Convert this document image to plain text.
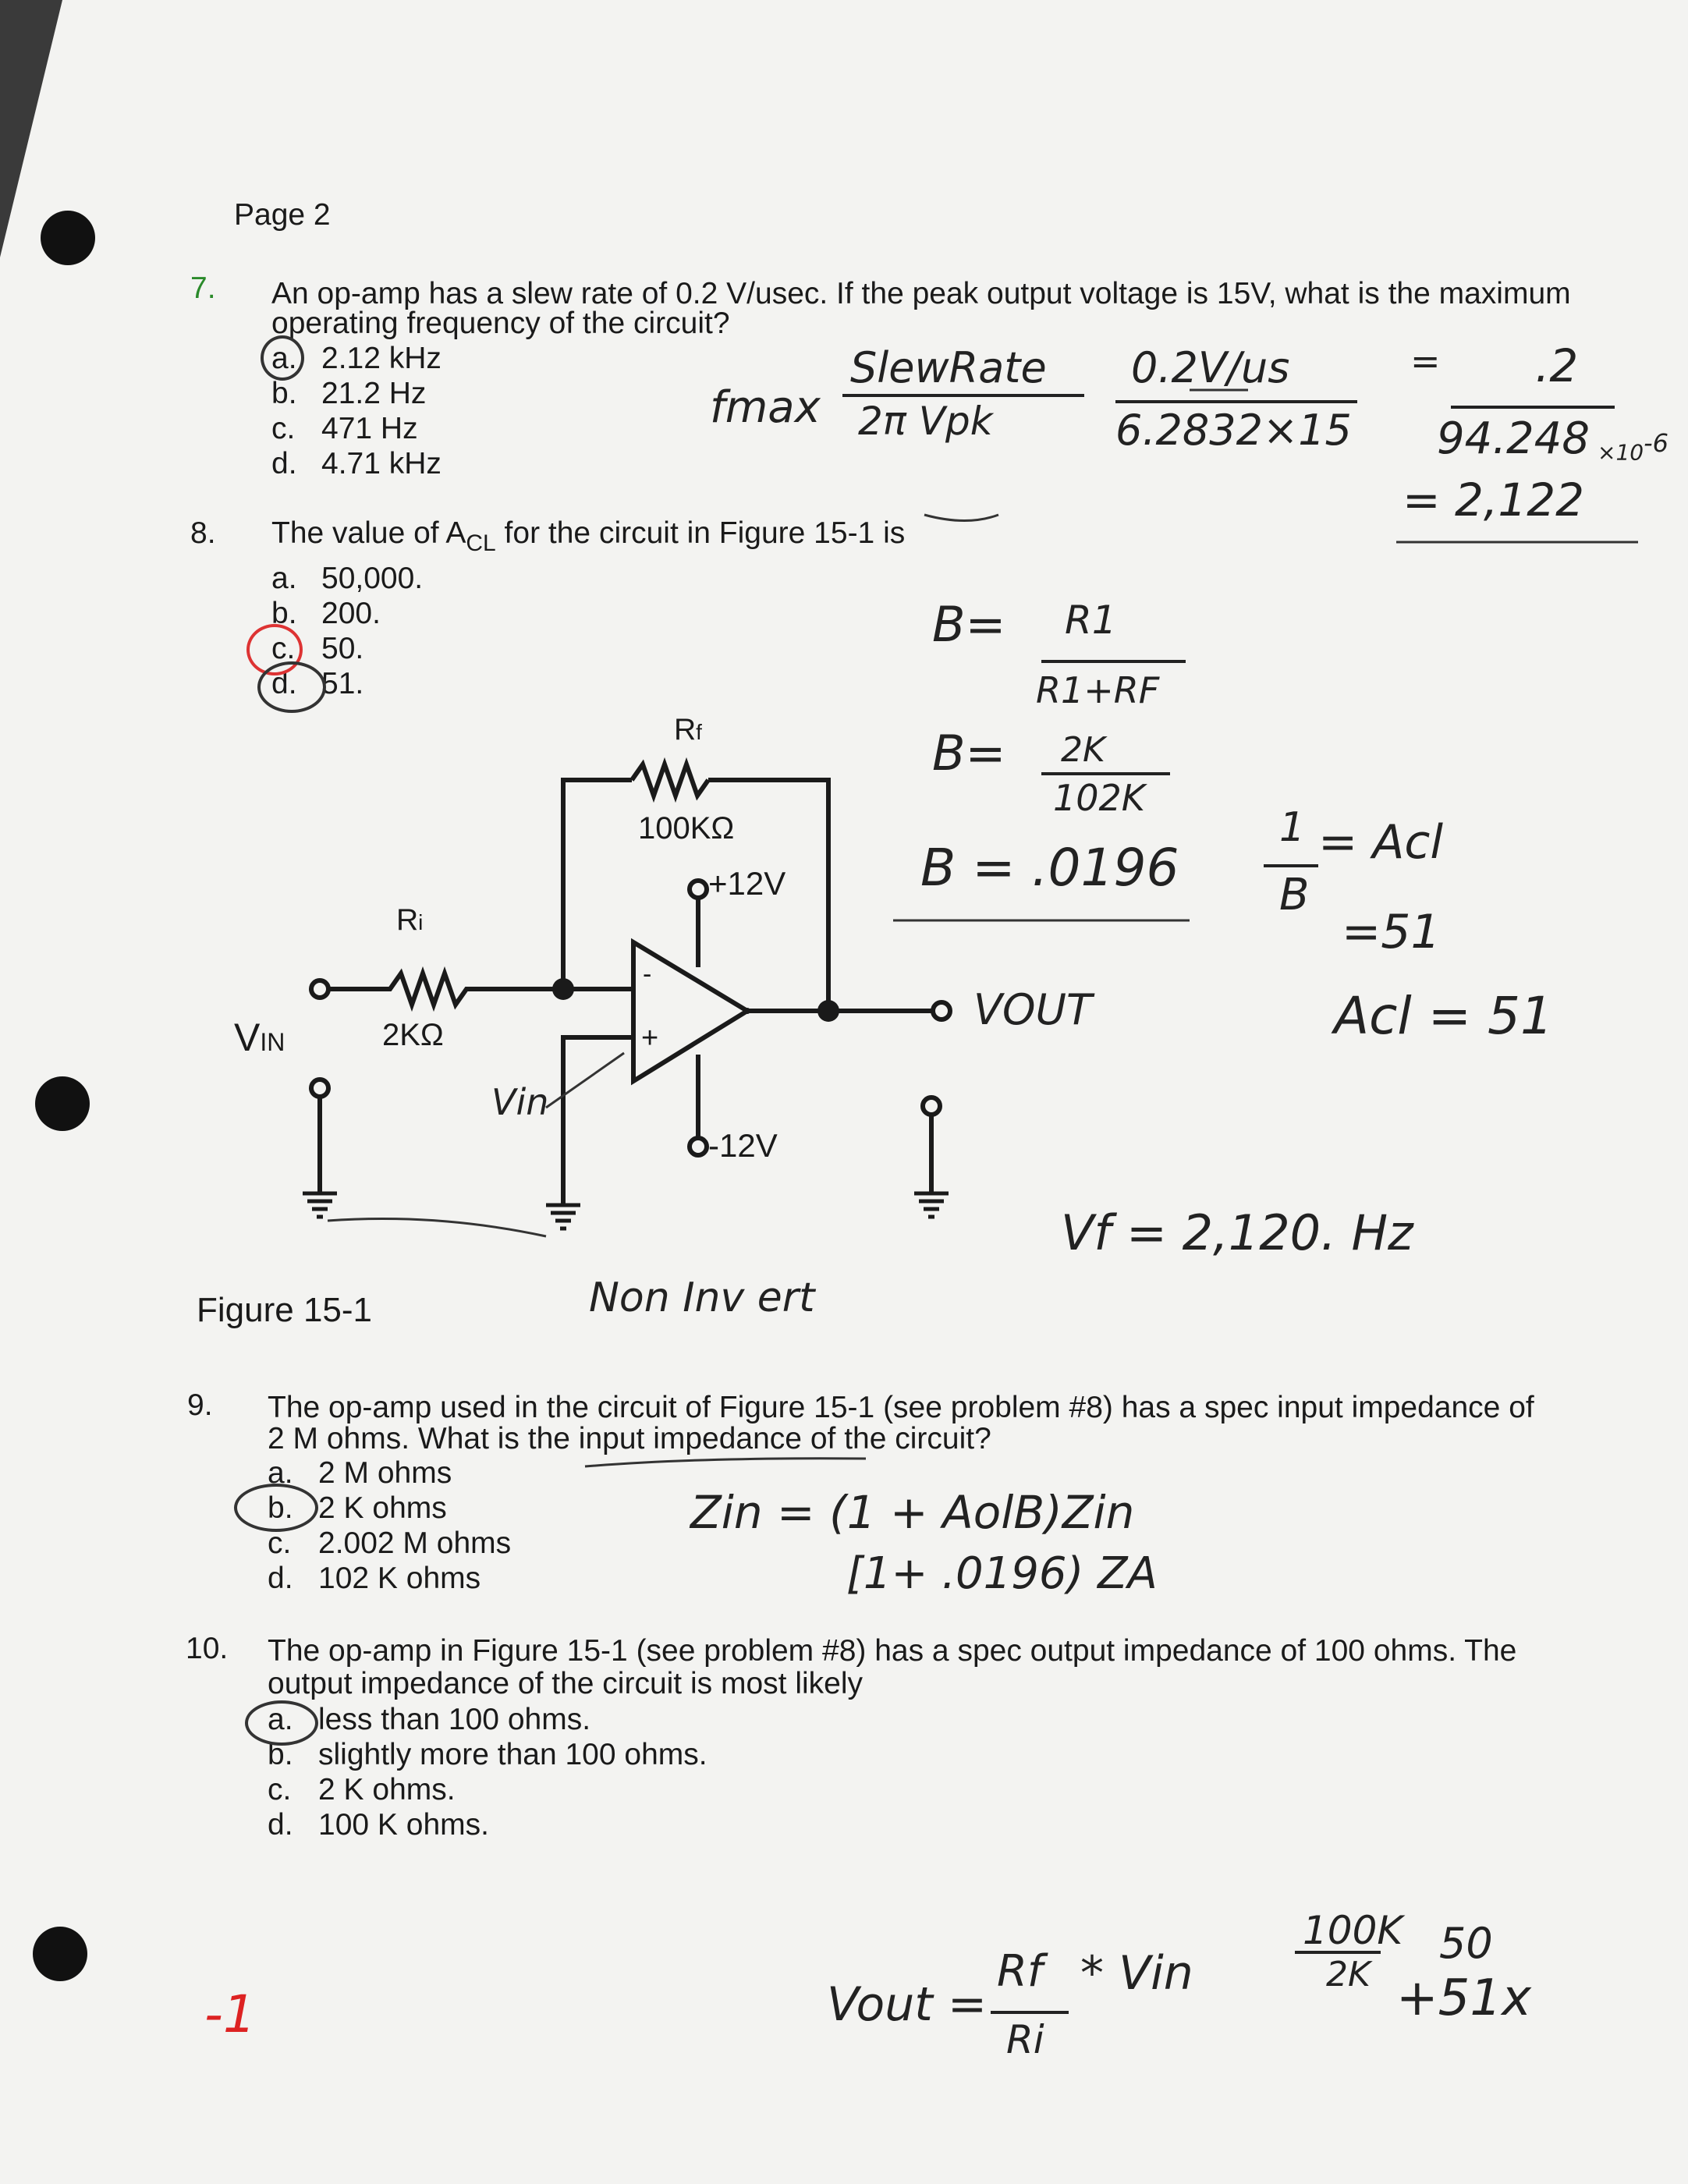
Page 2
7. An op-amp has a slew rate of 0.2 V/usec. If the peak output voltage is 15V, what is the maximum
operating frequency of the circuit?
a. 2.12 kHz
b. 21.2 Hz
c. 471 Hz
d. 4.71 kHz
8. The value of $A_{CL}$ for the circuit in Figure 15-1 is
a. 50,000.
b. 200.
c. 50.
d. 51.
Rf
100KΩ
+12V
Ri
2KΩ
VIN
-
+
-12V
Figure 15-1
9. The op-amp used in the circuit of Figure 15-1 (see problem #8) has a spec input impedance of
2 M ohms. What is the input impedance of the circuit?
a. 2 M ohms
b. 2 K ohms
c. 2.002 M ohms
d. 102 K ohms
10. The op-amp in Figure 15-1 (see problem #8) has a spec output impedance of 100 ohms. The
output impedance of the circuit is most likely
a. less than 100 ohms.
b. slightly more than 100 ohms.
c. 2 K ohms.
d. 100 K ohms.
fmax
SlewRate
2π Vpk
0.2V/us
6.2832×15
= .2
$94.248 \times 10^{-6}$
= 2,122
B= R1
R1+RF
B= 2K
102K
B = .0196
1
B
= Acl
=51
Acl = 51
VOUT
Vin
Non Inv ert
Vf = 2,120. Hz
Zin = (1 + AolB)Zin
[1+ .0196) ZA
Vout =
Rf
Ri
* Vin
100K
2K
50
+51x
-1
